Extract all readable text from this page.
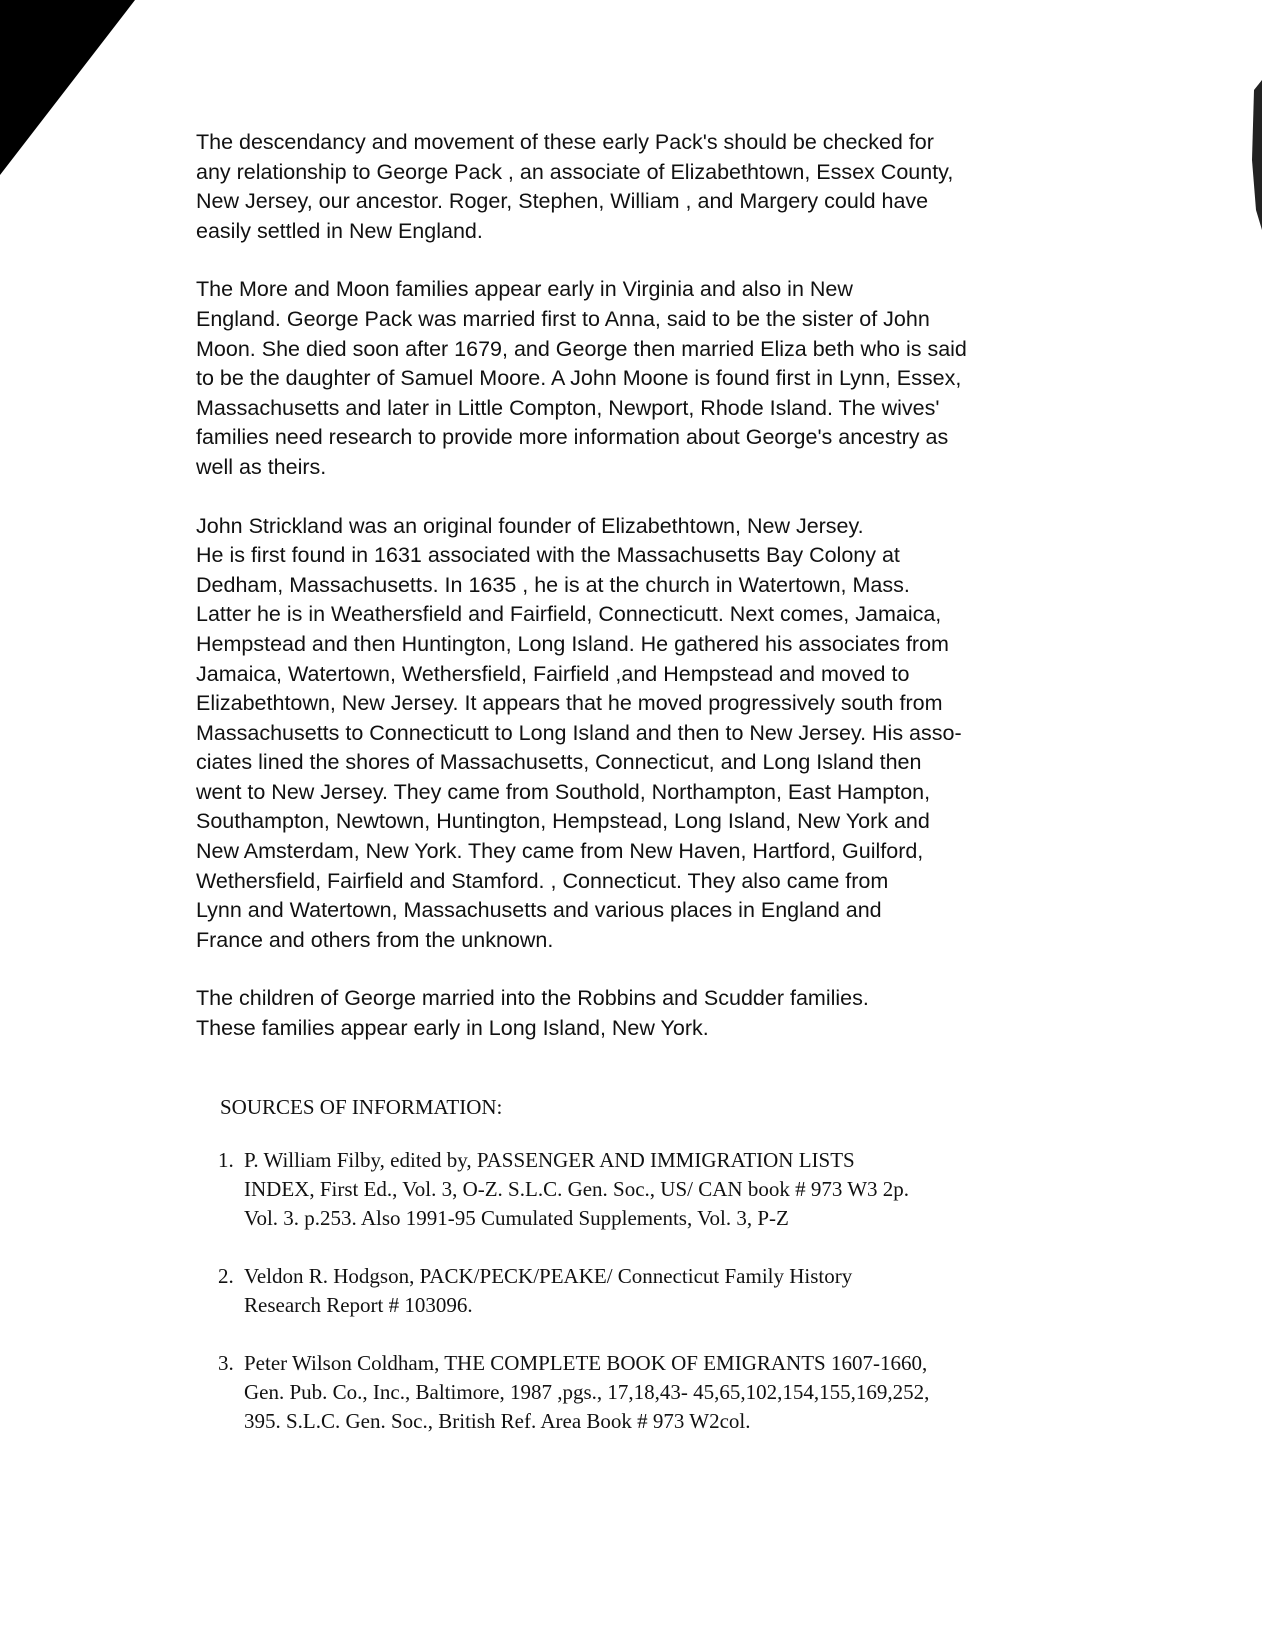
The descendancy and movement of these early Pack's should be checked for
any relationship to George Pack , an associate of Elizabethtown, Essex County,
New Jersey, our ancestor. Roger, Stephen, William , and Margery could have
easily settled in New England.

The More and Moon families appear early in Virginia and also in New
England. George Pack was married first to Anna, said to be the sister of John
Moon. She died soon after 1679, and George then married Eliza beth who is said
to be the daughter of Samuel Moore. A John Moone is found first in Lynn, Essex,
Massachusetts and later in Little Compton, Newport, Rhode Island. The wives'
families need research to provide more information about George's ancestry as
well as theirs.

John Strickland was an original founder of Elizabethtown, New Jersey.
He is first found in 1631 associated with the Massachusetts Bay Colony at
Dedham, Massachusetts. In 1635 , he is at the church in Watertown, Mass.
Latter he is in Weathersfield and Fairfield, Connecticutt. Next comes, Jamaica,
Hempstead and then Huntington, Long Island. He gathered his associates from
Jamaica, Watertown, Wethersfield, Fairfield ,and Hempstead and moved to
Elizabethtown, New Jersey. It appears that he moved progressively south from
Massachusetts to Connecticutt to Long Island and then to New Jersey. His asso-
ciates lined the shores of Massachusetts, Connecticut, and Long Island then
went to New Jersey. They came from Southold, Northampton, East Hampton,
Southampton, Newtown, Huntington, Hempstead, Long Island, New York and
New Amsterdam, New York. They came from New Haven, Hartford, Guilford,
Wethersfield, Fairfield and Stamford. , Connecticut. They also came from
Lynn and Watertown, Massachusetts and various places in England and
France and others from the unknown.

The children of George married into the Robbins and Scudder families.
These families appear early in Long Island, New York.

SOURCES OF INFORMATION:
1. P. William Filby, edited by, PASSENGER AND IMMIGRATION LISTS
INDEX, First Ed., Vol. 3, O-Z. S.L.C. Gen. Soc., US/ CAN book # 973 W3 2p.
Vol. 3. p.253. Also 1991-95 Cumulated Supplements, Vol. 3, P-Z
2. Veldon R. Hodgson, PACK/PECK/PEAKE/ Connecticut Family History
Research Report # 103096.
3. Peter Wilson Coldham, THE COMPLETE BOOK OF EMIGRANTS 1607-1660,
Gen. Pub. Co., Inc., Baltimore, 1987 ,pgs., 17,18,43- 45,65,102,154,155,169,252,
395. S.L.C. Gen. Soc., British Ref. Area Book # 973 W2col.
